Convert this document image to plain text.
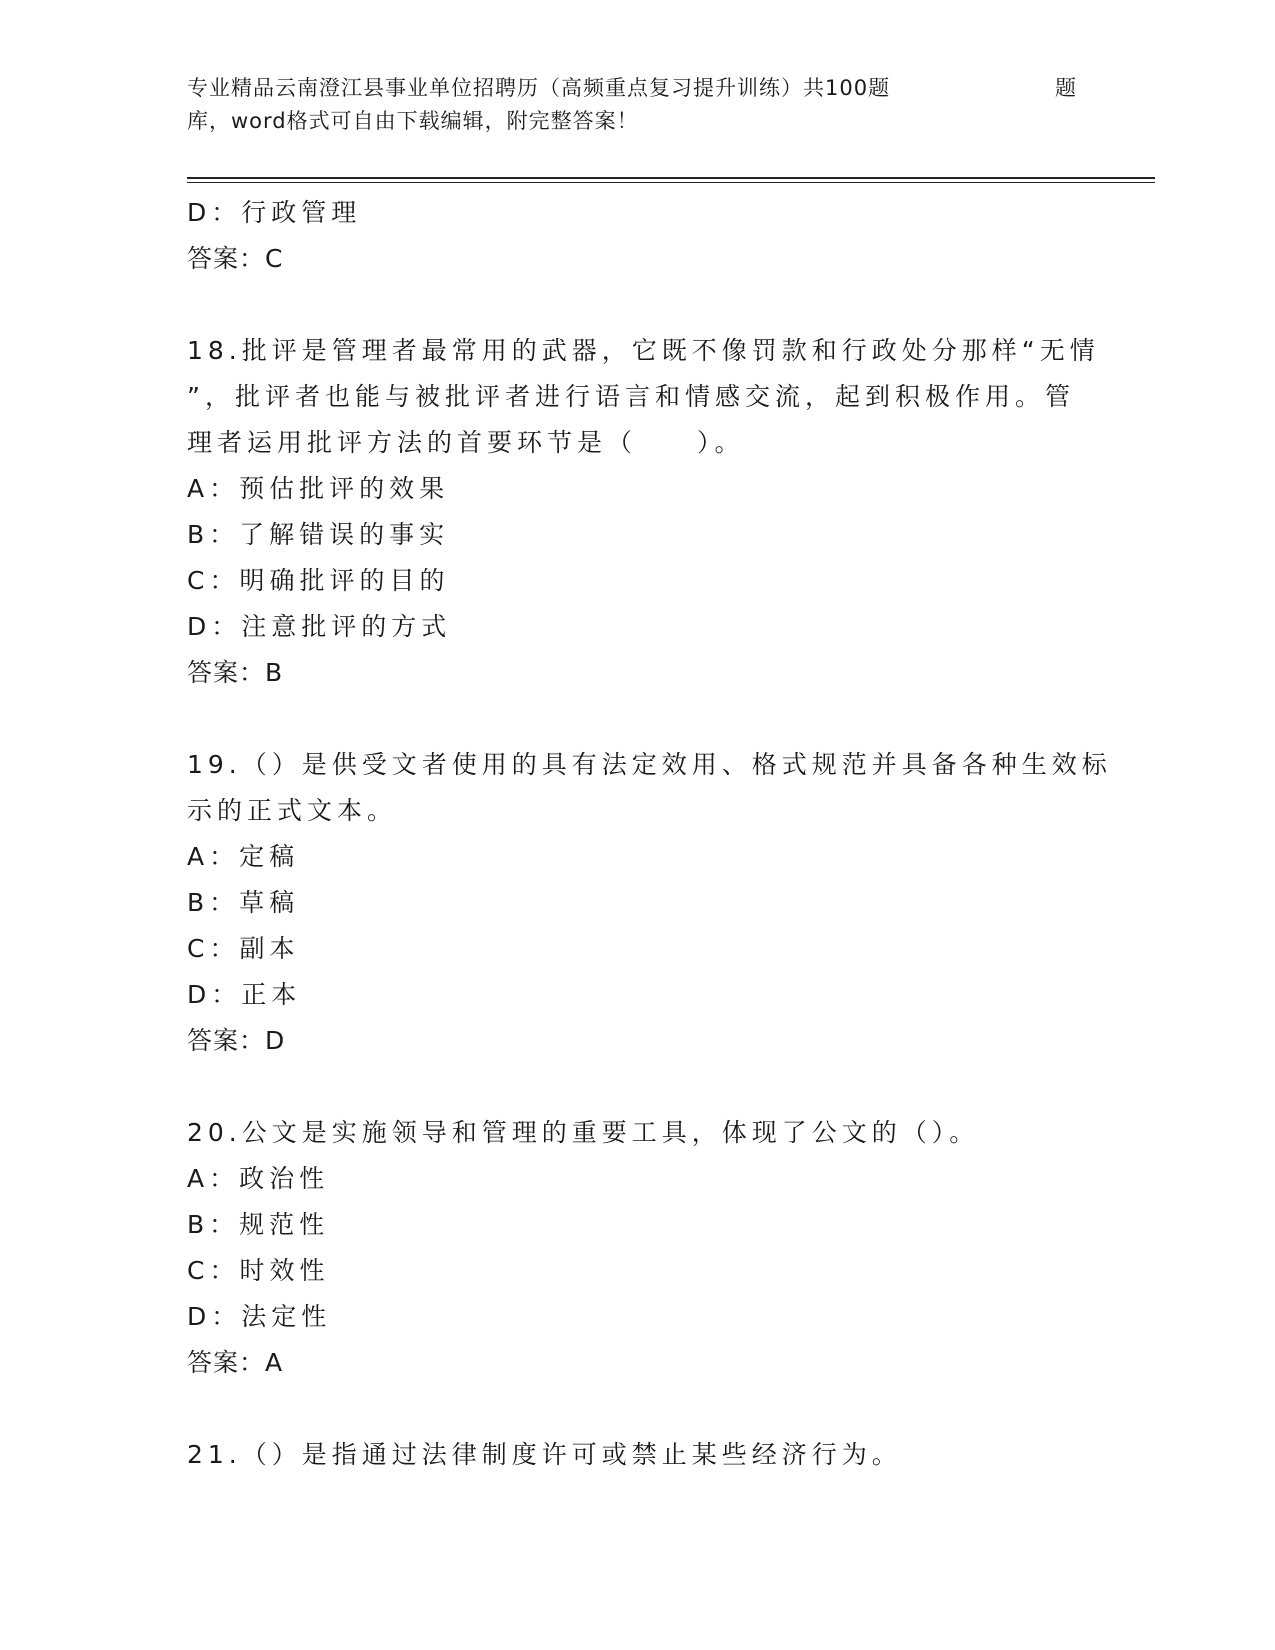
专业精品云南澄江县事业单位招聘历（高频重点复习提升训练）共100题	题
库，word格式可自由下载编辑，附完整答案！
D：行政管理
答案：C
18.批评是管理者最常用的武器，它既不像罚款和行政处分那样“无情
”，批评者也能与被批评者进行语言和情感交流，起到积极作用。管
理者运用批评方法的首要环节是（　　）。
A：预估批评的效果
B：了解错误的事实
C：明确批评的目的
D：注意批评的方式
答案：B
19.（）是供受文者使用的具有法定效用、格式规范并具备各种生效标
示的正式文本。
A：定稿
B：草稿
C：副本
D：正本
答案：D
20.公文是实施领导和管理的重要工具，体现了公文的（）。
A：政治性
B：规范性
C：时效性
D：法定性
答案：A
21.（）是指通过法律制度许可或禁止某些经济行为。
